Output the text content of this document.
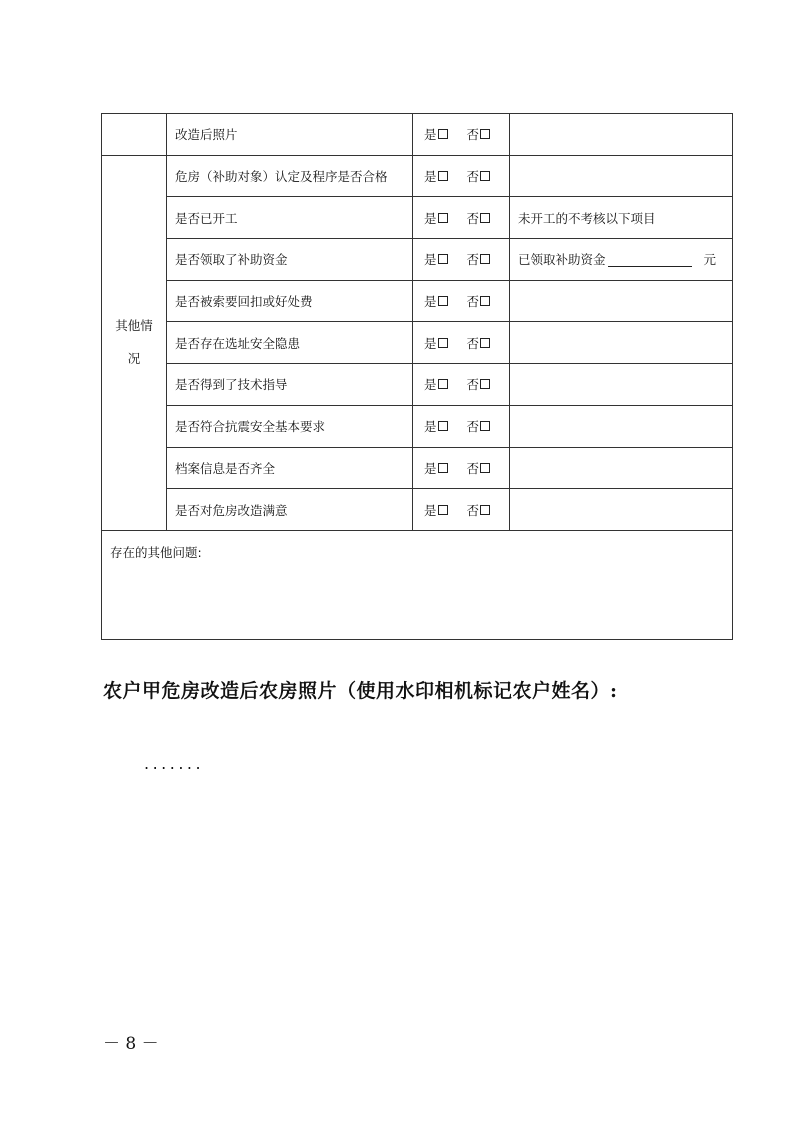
	改造后照片	是 否	

其他情况	危房（补助对象）认定及程序是否合格	是 否	

	是否已开工	是 否	未开工的不考核以下项目
	是否领取了补助资金	是 否	已领取补助资金 元
	是否被索要回扣或好处费	是 否	

	是否存在选址安全隐患	是 否	

	是否得到了技术指导	是 否	

	是否符合抗震安全基本要求	是 否	

	档案信息是否齐全	是 否	

	是否对危房改造满意	是 否	

存在的其他问题:			

农户甲危房改造后农房照片（使用水印相机标记农户姓名）:

.......

－ 8 －
